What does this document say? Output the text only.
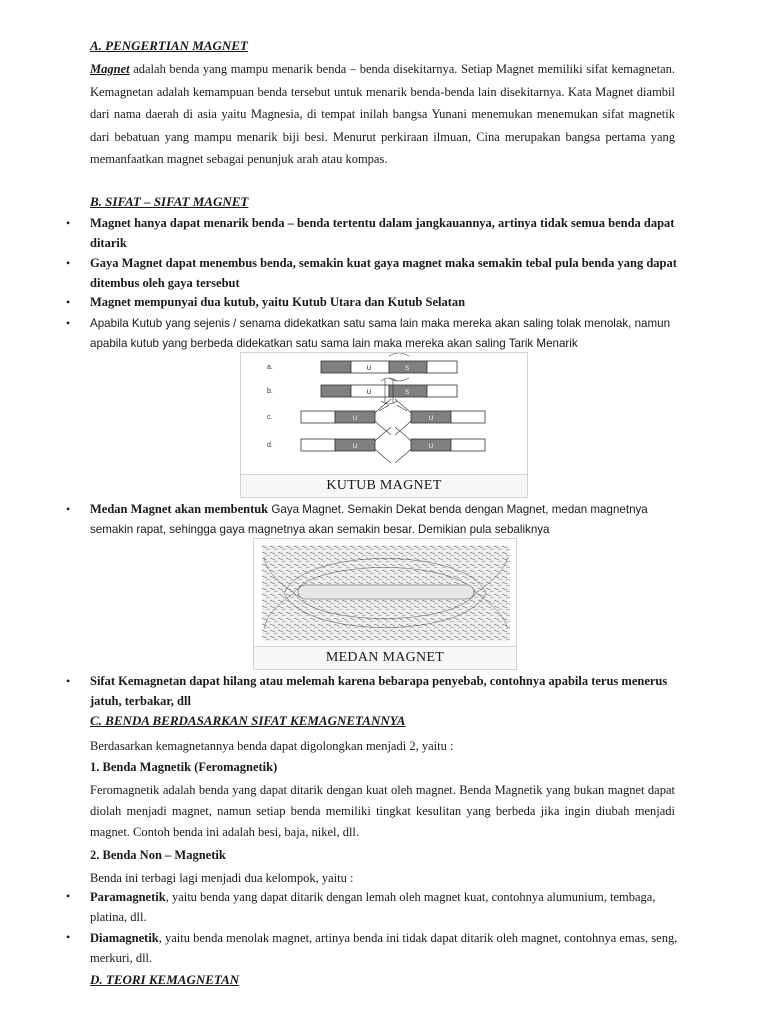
A. PENGERTIAN MAGNET
Magnet adalah benda yang mampu menarik benda – benda disekitarnya. Setiap Magnet memiliki sifat kemagnetan. Kemagnetan adalah kemampuan benda tersebut untuk menarik benda-benda lain disekitarnya. Kata Magnet diambil dari nama daerah di asia yaitu Magnesia, di tempat inilah bangsa Yunani menemukan menemukan sifat magnetik dari bebatuan yang mampu menarik biji besi. Menurut perkiraan ilmuan, Cina merupakan bangsa pertama yang memanfaatkan magnet sebagai penunjuk arah atau kompas.
B. SIFAT – SIFAT MAGNET
• Magnet hanya dapat menarik benda – benda tertentu dalam jangkauannya, artinya tidak semua benda dapat ditarik
• Gaya Magnet dapat menembus benda, semakin kuat gaya magnet maka semakin tebal pula benda yang dapat ditembus oleh gaya tersebut
• Magnet mempunyai dua kutub, yaitu Kutub Utara dan Kutub Selatan
• Apabila Kutub yang sejenis / senama didekatkan satu sama lain maka mereka akan saling tolak menolak, namun apabila kutub yang berbeda didekatkan satu sama lain maka mereka akan saling Tarik Menarik
a.	U	S
b.	U	S
c.	U	U
d.	U	U
KUTUB MAGNET
• Medan Magnet akan membentuk Gaya Magnet. Semakin Dekat benda dengan Magnet, medan magnetnya semakin rapat, sehingga gaya magnetnya akan semakin besar. Demikian pula sebaliknya
MEDAN MAGNET
• Sifat Kemagnetan dapat hilang atau melemah karena bebarapa penyebab, contohnya apabila terus menerus jatuh, terbakar, dll
C. BENDA BERDASARKAN SIFAT KEMAGNETANNYA
Berdasarkan kemagnetannya benda dapat digolongkan menjadi 2, yaitu :
1. Benda Magnetik (Feromagnetik)
Feromagnetik adalah benda yang dapat ditarik dengan kuat oleh magnet. Benda Magnetik yang bukan magnet dapat diolah menjadi magnet, namun setiap benda memiliki tingkat kesulitan yang berbeda jika ingin diubah menjadi magnet. Contoh benda ini adalah besi, baja, nikel, dll.
2. Benda Non – Magnetik
Benda ini terbagi lagi menjadi dua kelompok, yaitu :
• Paramagnetik, yaitu benda yang dapat ditarik dengan lemah oleh magnet kuat, contohnya alumunium, tembaga, platina, dll.
• Diamagnetik, yaitu benda menolak magnet, artinya benda ini tidak dapat ditarik oleh magnet, contohnya emas, seng, merkuri, dll.
D. TEORI KEMAGNETAN
